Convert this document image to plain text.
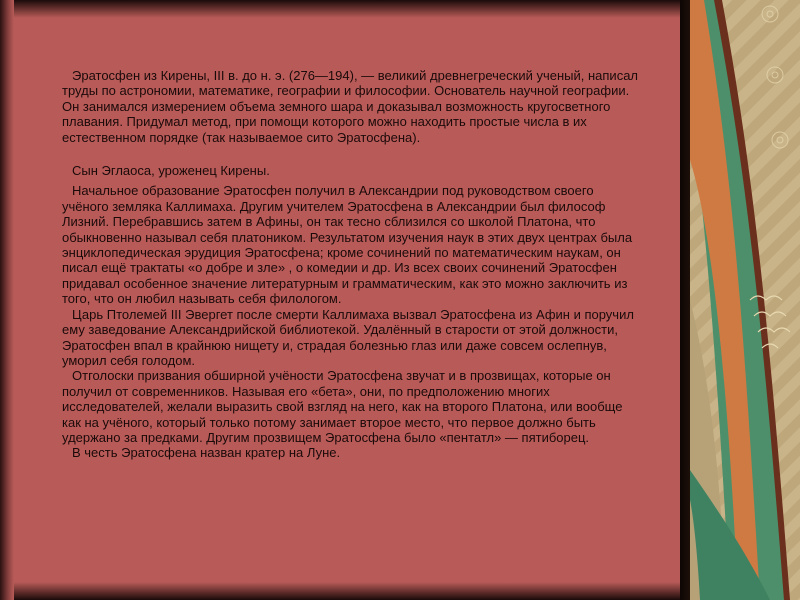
Эратосфен из Кирены, III в. до н. э. (276—194), — великий древнегреческий ученый, написал труды по астрономии, математике, географии и философии. Основатель научной географии. Он занимался измерением объема земного шара и доказывал возможность кругосветного плавания. Придумал метод, при помощи которого можно находить простые числа в их естественном порядке (так называемое сито Эратосфена).

Сын Эглаоса, уроженец Кирены.

Начальное образование Эратосфен получил в Александрии под руководством своего учёного земляка Каллимаха. Другим учителем Эратосфена в Александрии был философ Лизний. Перебравшись затем в Афины, он так тесно сблизился со школой Платона, что обыкновенно называл себя платоником. Результатом изучения наук в этих двух центрах была энциклопедическая эрудиция Эратосфена; кроме сочинений по математическим наукам, он писал ещё трактаты «о добре и зле» , о комедии и др. Из всех своих сочинений Эратосфен придавал особенное значение литературным и грамматическим, как это можно заключить из того, что он любил называть себя филологом.

Царь Птолемей III Эвергет после смерти Каллимаха вызвал Эратосфена из Афин и поручил ему заведование Александрийской библиотекой. Удалённый в старости от этой должности, Эратосфен впал в крайнюю нищету и, страдая болезнью глаз или даже совсем ослепнув, уморил себя голодом.

Отголоски призвания обширной учёности Эратосфена звучат и в прозвищах, которые он получил от современников. Называя его «бета», они, по предположению многих исследователей, желали выразить свой взгляд на него, как на второго Платона, или вообще как на учёного, который только потому занимает второе место, что первое должно быть удержано за предками. Другим прозвищем Эратосфена было «пентатл» — пятиборец.

В честь Эратосфена назван кратер на Луне.
